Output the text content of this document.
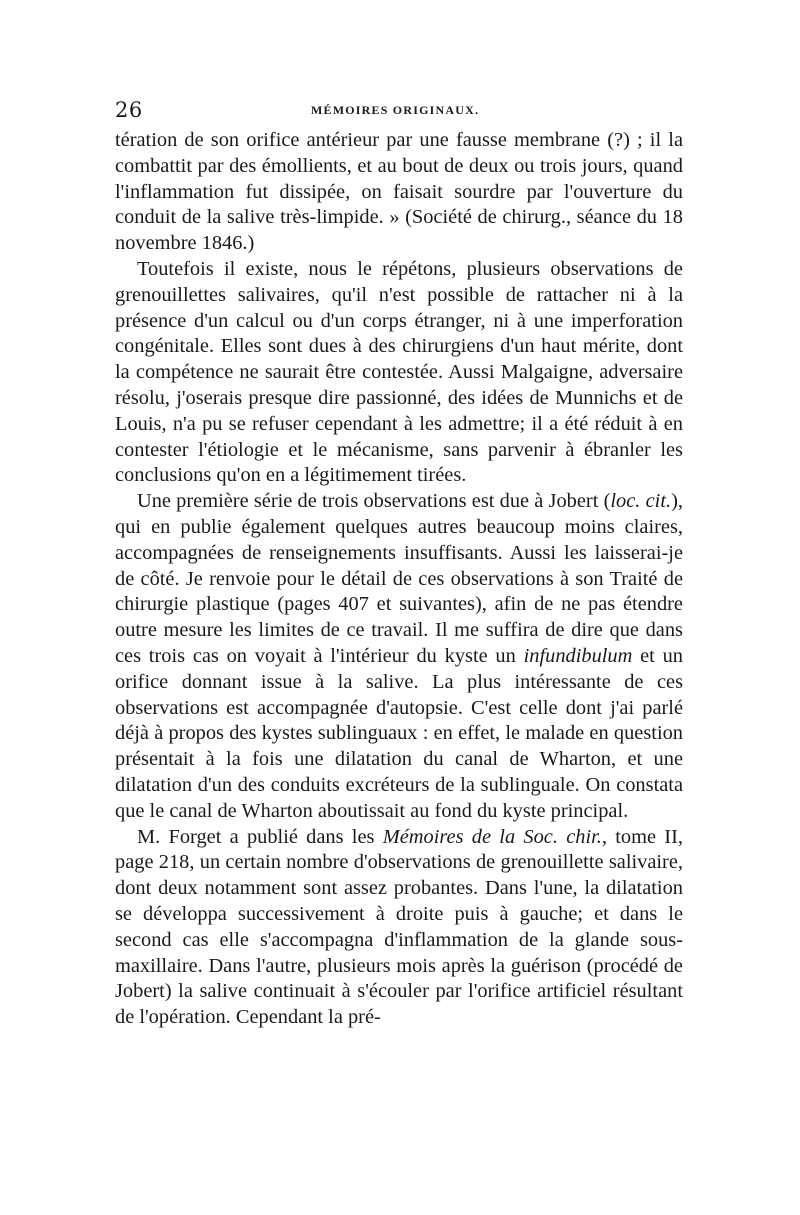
26	MÉMOIRES ORIGINAUX.

tération de son orifice antérieur par une fausse membrane (?) ; il la combattit par des émollients, et au bout de deux ou trois jours, quand l'inflammation fut dissipée, on faisait sourdre par l'ouverture du conduit de la salive très-limpide. » (Société de chirurg., séance du 18 novembre 1846.)

Toutefois il existe, nous le répétons, plusieurs observations de grenouillettes salivaires, qu'il n'est possible de rattacher ni à la présence d'un calcul ou d'un corps étranger, ni à une imperforation congénitale. Elles sont dues à des chirurgiens d'un haut mérite, dont la compétence ne saurait être contestée. Aussi Malgaigne, adversaire résolu, j'oserais presque dire passionné, des idées de Munnichs et de Louis, n'a pu se refuser cependant à les admettre; il a été réduit à en contester l'étiologie et le mécanisme, sans parvenir à ébranler les conclusions qu'on en a légitimement tirées.

Une première série de trois observations est due à Jobert (loc. cit.), qui en publie également quelques autres beaucoup moins claires, accompagnées de renseignements insuffisants. Aussi les laisserai-je de côté. Je renvoie pour le détail de ces observations à son Traité de chirurgie plastique (pages 407 et suivantes), afin de ne pas étendre outre mesure les limites de ce travail. Il me suffira de dire que dans ces trois cas on voyait à l'intérieur du kyste un infundibulum et un orifice donnant issue à la salive. La plus intéressante de ces observations est accompagnée d'autopsie. C'est celle dont j'ai parlé déjà à propos des kystes sublinguaux : en effet, le malade en question présentait à la fois une dilatation du canal de Wharton, et une dilatation d'un des conduits excréteurs de la sublinguale. On constata que le canal de Wharton aboutissait au fond du kyste principal.

M. Forget a publié dans les Mémoires de la Soc. chir., tome II, page 218, un certain nombre d'observations de grenouillette salivaire, dont deux notamment sont assez probantes. Dans l'une, la dilatation se développa successivement à droite puis à gauche; et dans le second cas elle s'accompagna d'inflammation de la glande sous-maxillaire. Dans l'autre, plusieurs mois après la guérison (procédé de Jobert) la salive continuait à s'écouler par l'orifice artificiel résultant de l'opération. Cependant la pré-
